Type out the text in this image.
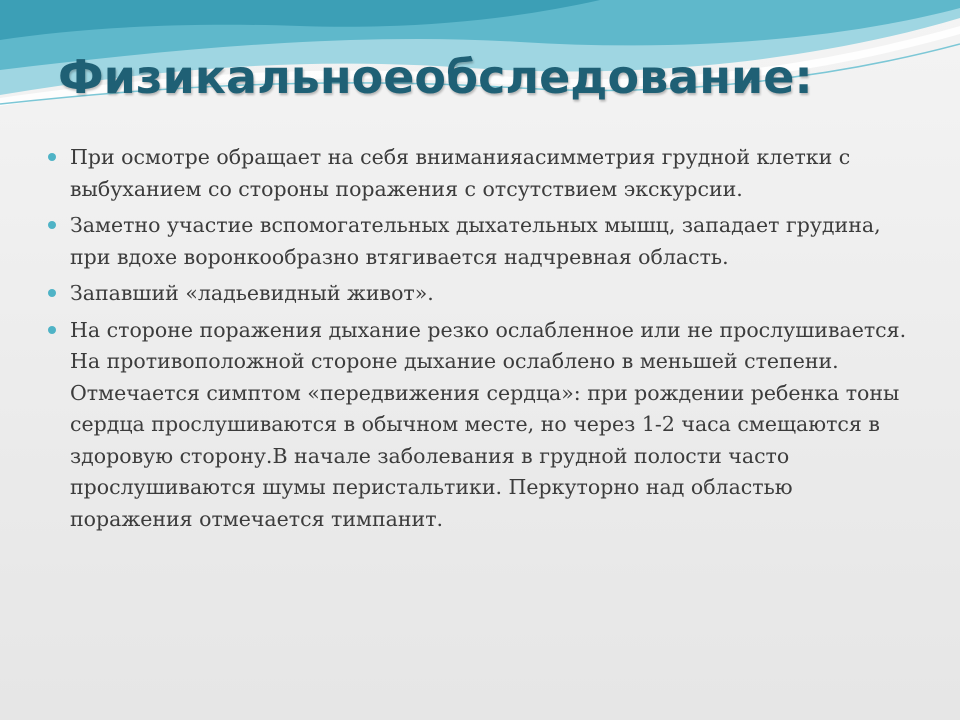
Физикальноеобследование:
При осмотре обращает на себя вниманияасимметрия грудной клетки с выбуханием со стороны поражения с отсутствием экскурсии.
Заметно участие вспомогательных дыхательных мышц, западает грудина, при вдохе воронкообразно втягивается надчревная область.
Запавший «ладьевидный живот».
На стороне поражения дыхание резко ослабленное или не прослушивается. На противоположной стороне дыхание ослаблено в меньшей степени. Отмечается симптом «передвижения сердца»: при рождении ребенка тоны сердца прослушиваются в обычном месте, но через 1-2 часа смещаются в здоровую сторону.В начале заболевания в грудной полости часто прослушиваются шумы перистальтики. Перкуторно над областью поражения отмечается тимпанит.
